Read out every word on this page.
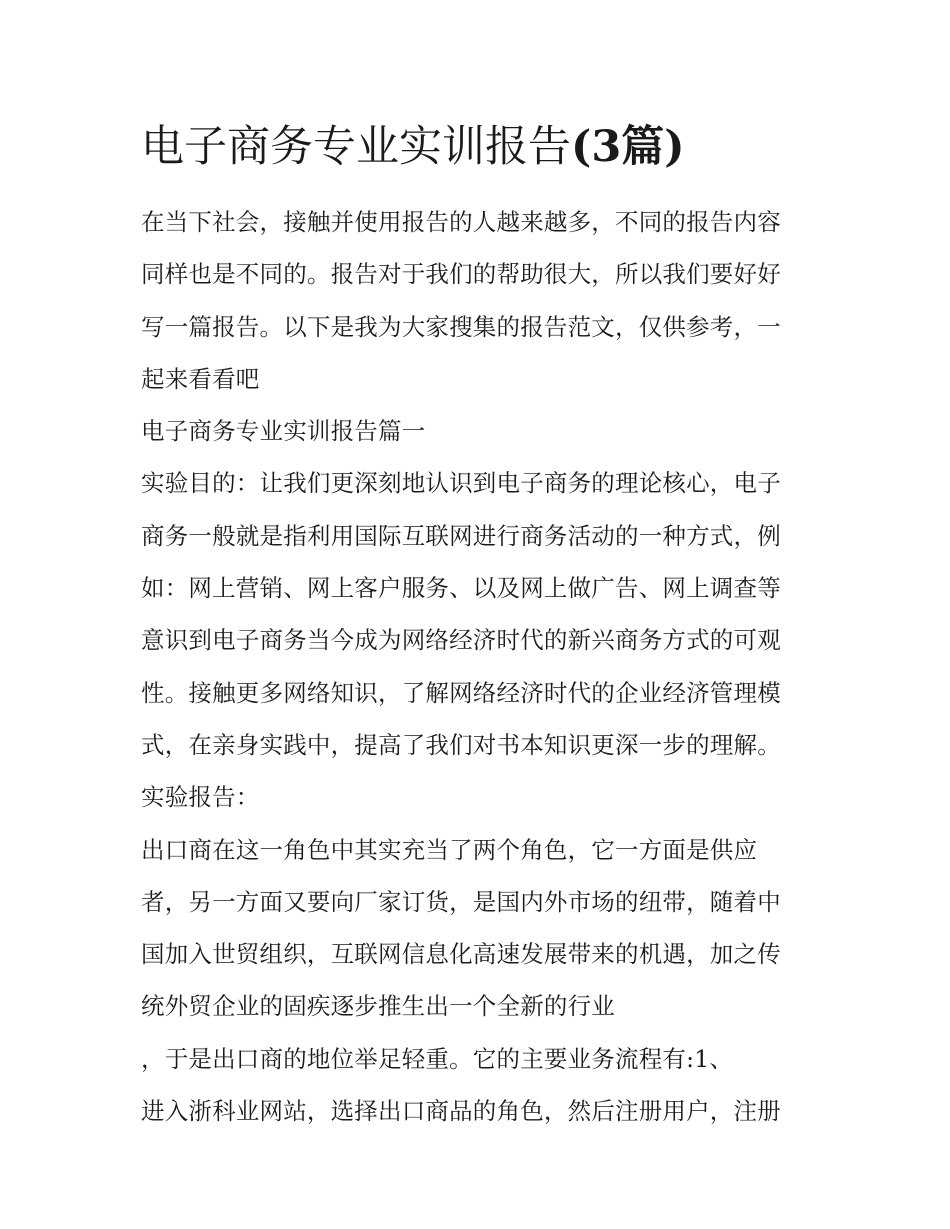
电子商务专业实训报告(3篇)
在当下社会，接触并使用报告的人越来越多，不同的报告内容
同样也是不同的。报告对于我们的帮助很大，所以我们要好好
写一篇报告。以下是我为大家搜集的报告范文，仅供参考，一
起来看看吧
电子商务专业实训报告篇一
实验目的：让我们更深刻地认识到电子商务的理论核心，电子
商务一般就是指利用国际互联网进行商务活动的一种方式，例
如：网上营销、网上客户服务、以及网上做广告、网上调查等
意识到电子商务当今成为网络经济时代的新兴商务方式的可观
性。接触更多网络知识，了解网络经济时代的企业经济管理模
式，在亲身实践中，提高了我们对书本知识更深一步的理解。
实验报告：
出口商在这一角色中其实充当了两个角色，它一方面是供应
者，另一方面又要向厂家订货，是国内外市场的纽带，随着中
国加入世贸组织，互联网信息化高速发展带来的机遇，加之传
统外贸企业的固疾逐步推生出一个全新的行业
，于是出口商的地位举足轻重。它的主要业务流程有:1、
进入浙科业网站，选择出口商品的角色，然后注册用户，注册
